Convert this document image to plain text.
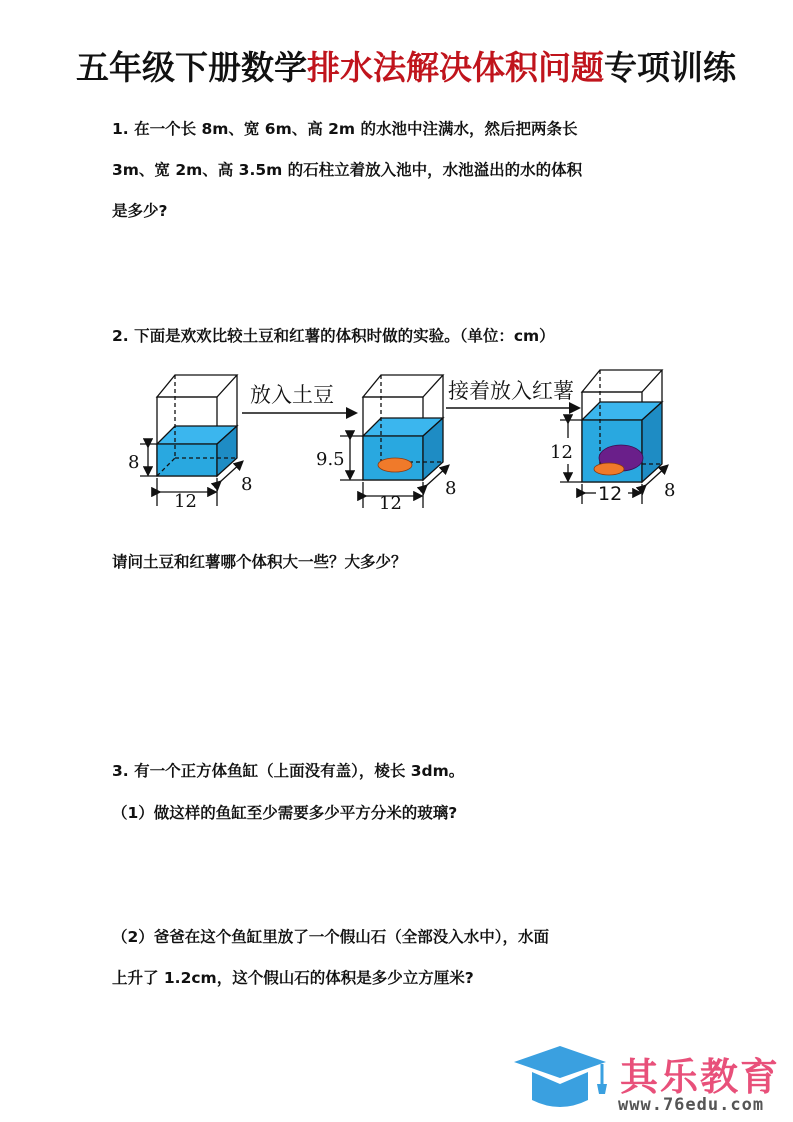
五年级下册数学排水法解决体积问题专项训练
1. 在一个长 8m、宽 6m、高 2m 的水池中注满水，然后把两条长
3m、宽 2m、高 3.5m 的石柱立着放入池中，水池溢出的水的体积
是多少?
2. 下面是欢欢比较土豆和红薯的体积时做的实验。（单位：cm）
8
12
8
放入土豆
9.5
12
8
接着放入红薯
12
12 8
请问土豆和红薯哪个体积大一些？大多少？
3. 有一个正方体鱼缸（上面没有盖），棱长 3dm。
（1）做这样的鱼缸至少需要多少平方分米的玻璃?
（2）爸爸在这个鱼缸里放了一个假山石（全部没入水中），水面
上升了 1.2cm，这个假山石的体积是多少立方厘米?
其乐教育
www.76edu.com
